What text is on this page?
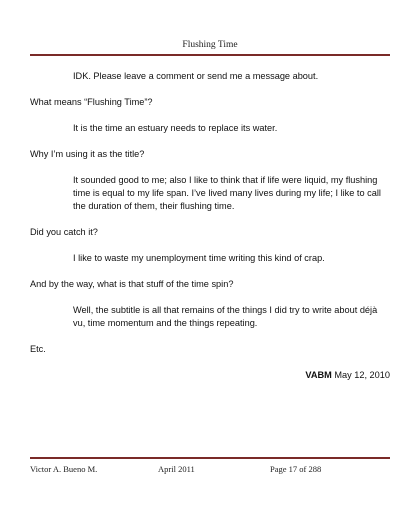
Flushing Time

IDK. Please leave a comment or send me a message about.

What means “Flushing Time”?

It is the time an estuary needs to replace its water.

Why I’m using it as the title?

It sounded good to me; also I like to think that if life were liquid, my flushing

time is equal to my life span. I’ve lived many lives during my life; I like to call

the duration of them, their flushing time.

Did you catch it?

I like to waste my unemployment time writing this kind of crap.

And by the way, what is that stuff of the time spin?

Well, the subtitle is all that remains of the things I did try to write about déjà

vu, time momentum and the things repeating.

Etc.

VABM May 12, 2010

Victor A. Bueno M.	April 2011	Page 17 of 288
